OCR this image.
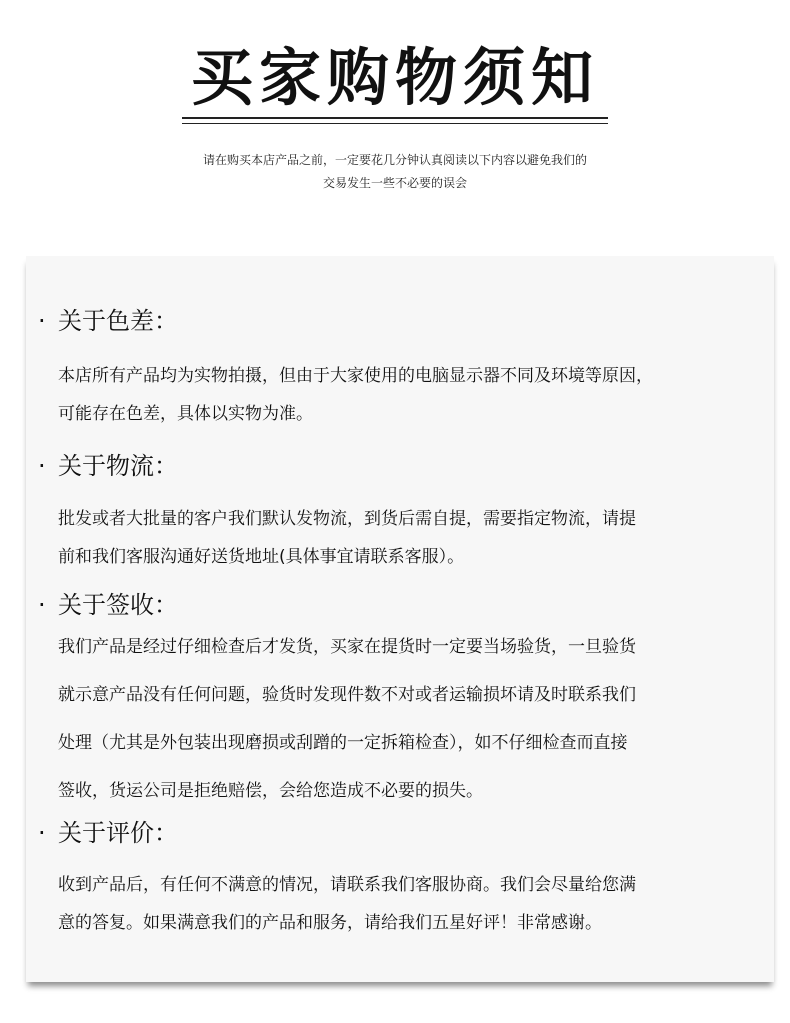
买家购物须知
请在购买本店产品之前，一定要花几分钟认真阅读以下内容以避免我们的
交易发生一些不必要的误会
· 关于色差：
本店所有产品均为实物拍摄，但由于大家使用的电脑显示器不同及环境等原因，
可能存在色差，具体以实物为准。
· 关于物流：
批发或者大批量的客户我们默认发物流，到货后需自提，需要指定物流，请提
前和我们客服沟通好送货地址(具体事宜请联系客服）。
· 关于签收：
我们产品是经过仔细检查后才发货，买家在提货时一定要当场验货，一旦验货
就示意产品没有任何问题，验货时发现件数不对或者运输损坏请及时联系我们
处理（尤其是外包装出现磨损或刮蹭的一定拆箱检查），如不仔细检查而直接
签收，货运公司是拒绝赔偿，会给您造成不必要的损失。
· 关于评价：
收到产品后，有任何不满意的情况，请联系我们客服协商。我们会尽量给您满
意的答复。如果满意我们的产品和服务，请给我们五星好评！非常感谢。
